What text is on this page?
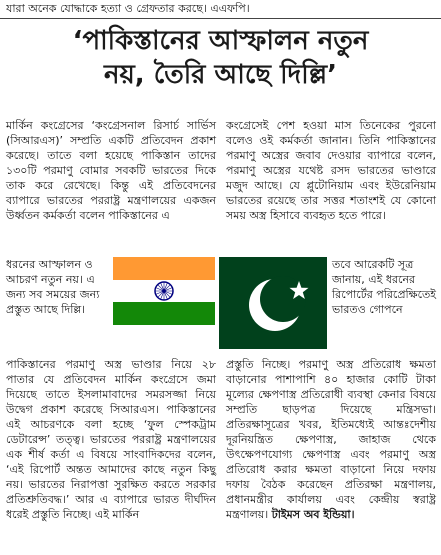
যারা অনেক যোদ্ধাকে হত্যা ও গ্রেফতার করছে। এএফপি।
‘পাকিস্তানের আস্ফালন নতুন
নয়, তৈরি আছে দিল্লি’

মার্কিন কংগ্রেসের ‘কংগ্রেসনাল রিসার্চ সার্ভিস (সিআরএস)’ সম্প্রতি একটি প্রতিবেদন প্রকাশ করেছে। তাতে বলা হয়েছে পাকিস্তান তাদের ১৩০টি পরমাণু বোমার সবকটি ভারতের দিকে তাক করে রেখেছে। কিন্তু এই প্রতিবেদনের ব্যাপারে ভারতের পররাষ্ট্র মন্ত্রণালয়ের একজন উর্ধ্বতন কর্মকর্তা বলেন পাকিস্তানের এ

কংগ্রেসেই পেশ হওয়া মাস তিনেকের পুরনো বলেও ওই কর্মকর্তা জানান। তিনি পাকিস্তানের পরমাণু অস্ত্রের জবাব দেওয়ার ব্যাপারে বলেন, পরমাণু অস্ত্রের যথেষ্ট রসদ ভারতের ভাণ্ডারে মজুদ আছে। যে প্লুটোনিয়াম এবং ইউরেনিয়াম ভারতের রয়েছে তার সত্তর শতাংশই যে কোনো সময় অস্ত্র হিসাবে ব্যবহৃত হতে পারে।

ধরনের আস্ফালন ও আচরণ নতুন নয়। এ জন্য সব সময়ের জন্য প্রস্তুত আছে দিল্লি।
তবে আরেকটি সূত্র জানায়, এই ধরনের রিপোর্টের পরিপ্রেক্ষিতেই ভারতও গোপনে
পাকিস্তানের পরমাণু অস্ত্র ভাণ্ডার নিয়ে ২৮ পাতার যে প্রতিবেদন মার্কিন কংগ্রেসে জমা দিয়েছে তাতে ইসলামাবাদের সমরসজ্জা নিয়ে উদ্বেগ প্রকাশ করেছে সিআরএস। পাকিস্তানের এই আচরণকে বলা হচ্ছে ‘ফুল স্পেকট্রাম ডেটারেন্স’ তত্ত্ব। ভারতের পররাষ্ট্র মন্ত্রণালয়ের এক শীর্ষ কর্তা এ বিষয়ে সাংবাদিকদের বলেন, ‘এই রিপোর্ট অন্তত আমাদের কাছে নতুন কিছু নয়। ভারতের নিরাপত্তা সুরক্ষিত করতে সরকার প্রতিশ্রুতিবদ্ধ।’ আর এ ব্যাপারে ভারত দীর্ঘদিন ধরেই প্রস্তুতি নিচ্ছে। এই মার্কিন
প্রস্তুতি নিচ্ছে। পরমাণু অস্ত্র প্রতিরোধ ক্ষমতা বাড়ানোর পাশাপাশি ৪০ হাজার কোটি টাকা মূল্যের ক্ষেপণাস্ত্র প্রতিরোধী ব্যবস্থা কেনার বিষয়ে সম্প্রতি ছাড়পত্র দিয়েছে মন্ত্রিসভা। প্রতিরক্ষাসূত্রের খবর, ইতিমধ্যেই আন্তঃদেশীয় দূরনিয়ন্ত্রিত ক্ষেপণাস্ত্র, জাহাজ থেকে উৎক্ষেপণযোগ্য ক্ষেপণাস্ত্র এবং পরমাণু অস্ত্র প্রতিরোধ করার ক্ষমতা বাড়ানো নিয়ে দফায় দফায় বৈঠক করেছেন প্রতিরক্ষা মন্ত্রণালয়, প্রধানমন্ত্রীর কার্যালয় এবং কেন্দ্রীয় স্বরাষ্ট্র মন্ত্রণালয়। টাইমস অব ইন্ডিয়া।
